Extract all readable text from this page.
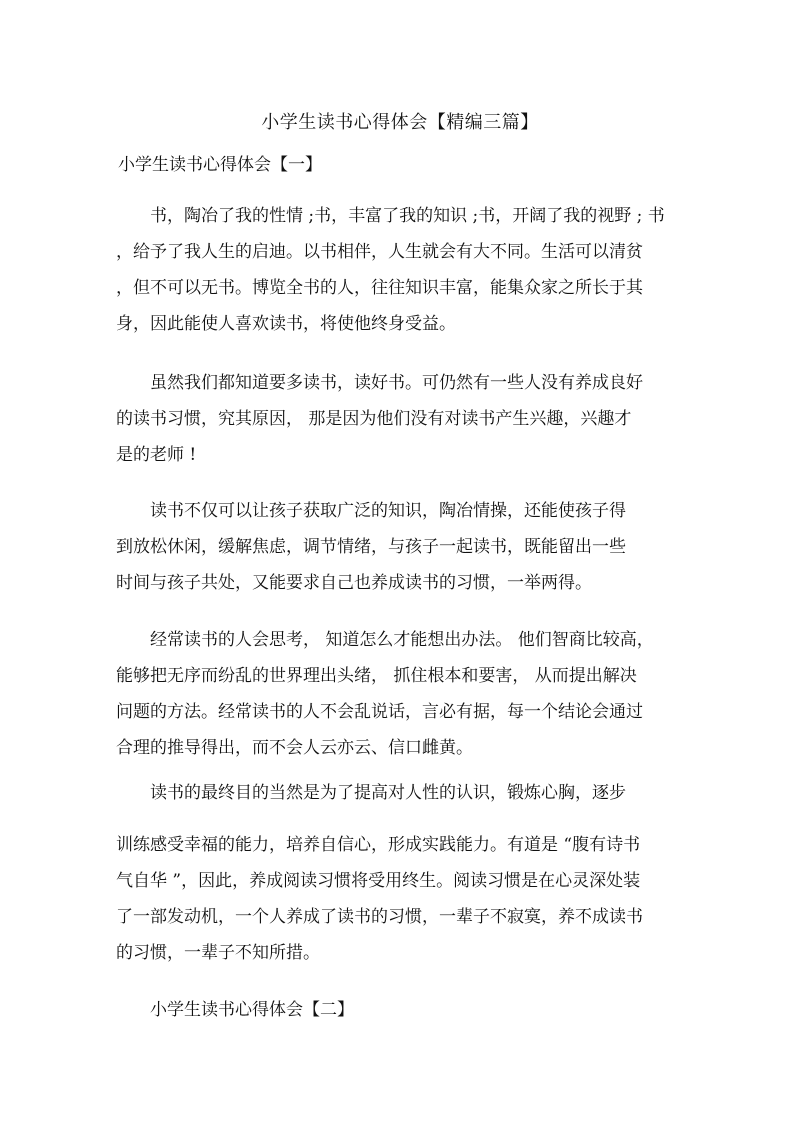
小学生读书心得体会【精编三篇】
小学生读书心得体会【一】
　　书，陶冶了我的性情 ;书，丰富了我的知识 ;书，开阔了我的视野 ; 书
，给予了我人生的启迪。以书相伴，人生就会有大不同。生活可以清贫
，但不可以无书。博览全书的人，往往知识丰富，能集众家之所长于其
身，因此能使人喜欢读书，将使他终身受益。
　　虽然我们都知道要多读书，读好书。可仍然有一些人没有养成良好
的读书习惯，究其原因， 那是因为他们没有对读书产生兴趣，兴趣才
是的老师 !
　　读书不仅可以让孩子获取广泛的知识，陶冶情操，还能使孩子得
到放松休闲，缓解焦虑，调节情绪，与孩子一起读书，既能留出一些
时间与孩子共处，又能要求自己也养成读书的习惯，一举两得。
　　经常读书的人会思考， 知道怎么才能想出办法。 他们智商比较高，
能够把无序而纷乱的世界理出头绪， 抓住根本和要害， 从而提出解决
问题的方法。经常读书的人不会乱说话，言必有据，每一个结论会通过
合理的推导得出，而不会人云亦云、信口雌黄。
　　读书的最终目的当然是为了提高对人性的认识，锻炼心胸，逐步
训练感受幸福的能力，培养自信心，形成实践能力。有道是 “腹有诗书
气自华 ”，因此，养成阅读习惯将受用终生。阅读习惯是在心灵深处装
了一部发动机，一个人养成了读书的习惯，一辈子不寂寞，养不成读书
的习惯，一辈子不知所措。
小学生读书心得体会【二】
